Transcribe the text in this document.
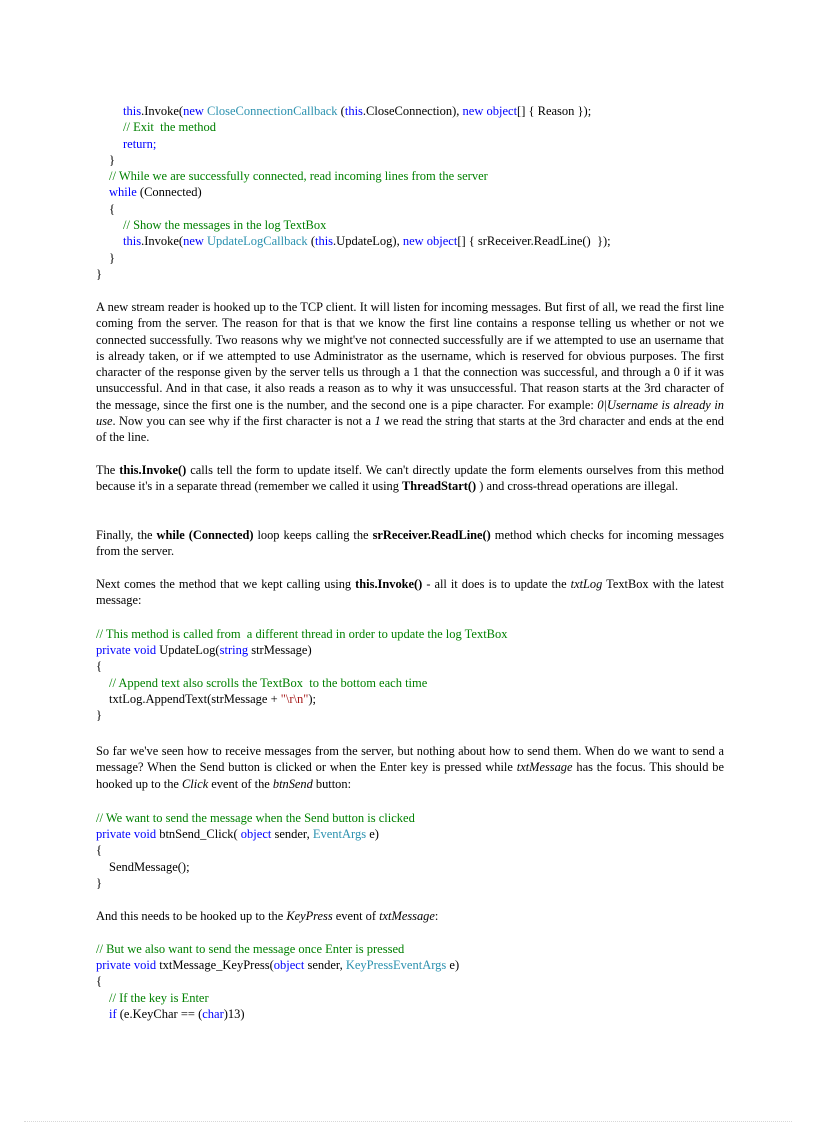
this.Invoke(new CloseConnectionCallback (this.CloseConnection), new object[] { Reason });
// Exit  the method
return;
}
// While we are successfully connected, read incoming lines from the server
while (Connected)
{
// Show the messages in the log TextBox
this.Invoke(new UpdateLogCallback (this.UpdateLog), new object[] { srReceiver.ReadLine()  });
}
}
A new stream reader is hooked up to the TCP client. It will listen for incoming messages. But first of all, we read the first line coming from the server. The reason for that is that we know the first line contains a response telling us whether or not we connected successfully. Two reasons why we might've not connected successfully are if we attempted to use an username that is already taken, or if we attempted to use Administrator as the username, which is reserved for obvious purposes. The first character of the response given by the server tells us through a 1 that the connection was successful, and through a 0 if it was unsuccessful. And in that case, it also reads a reason as to why it was unsuccessful. That reason starts at the 3rd character of the message, since the first one is the number, and the second one is a pipe character. For example: 0|Username is already in use. Now you can see why if the first character is not a 1 we read the string that starts at the 3rd character and ends at the end of the line.
The this.Invoke() calls tell the form to update itself. We can't directly update the form elements ourselves from this method because it's in a separate thread (remember we called it using ThreadStart() ) and cross-thread operations are illegal.
Finally, the while (Connected) loop keeps calling the srReceiver.ReadLine() method which checks for incoming messages from the server.
Next comes the method that we kept calling using this.Invoke() - all it does is to update the txtLog TextBox with the latest message:
// This method is called from  a different thread in order to update the log TextBox
private void UpdateLog(string strMessage)
{
// Append text also scrolls the TextBox  to the bottom each time
txtLog.AppendText(strMessage + "\r\n");
}
So far we've seen how to receive messages from the server, but nothing about how to send them. When do we want to send a message? When the Send button is clicked or when the Enter key is pressed while txtMessage has the focus. This should be hooked up to the Click event of the btnSend button:
// We want to send the message when the Send button is clicked
private void btnSend_Click( object sender, EventArgs e)
{
SendMessage();
}
And this needs to be hooked up to the KeyPress event of txtMessage:
// But we also want to send the message once Enter is pressed
private void txtMessage_KeyPress(object sender, KeyPressEventArgs e)
{
// If the key is Enter
if (e.KeyChar == (char)13)
